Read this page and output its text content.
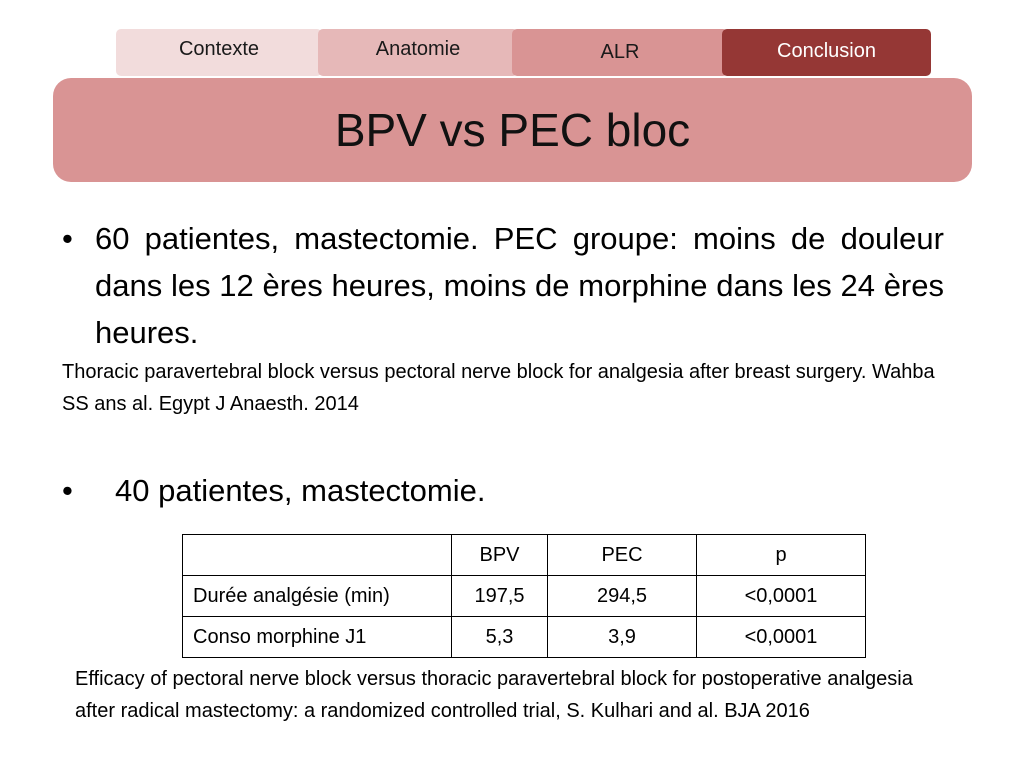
Contexte	Anatomie	ALR	Conclusion
BPV vs PEC bloc
• 60 patientes, mastectomie. PEC groupe: moins de douleur dans les 12 ères heures, moins de morphine dans les 24 ères heures.
Thoracic paravertebral block versus pectoral nerve block for analgesia after breast surgery. Wahba SS ans al. Egypt J Anaesth. 2014
• 40 patientes, mastectomie.
	BPV	PEC	p
Durée analgésie (min)	197,5	294,5	<0,0001
Conso morphine J1	5,3	3,9	<0,0001
Efficacy of pectoral nerve block versus thoracic paravertebral block for postoperative analgesia after radical mastectomy: a randomized controlled trial, S. Kulhari and al. BJA 2016
